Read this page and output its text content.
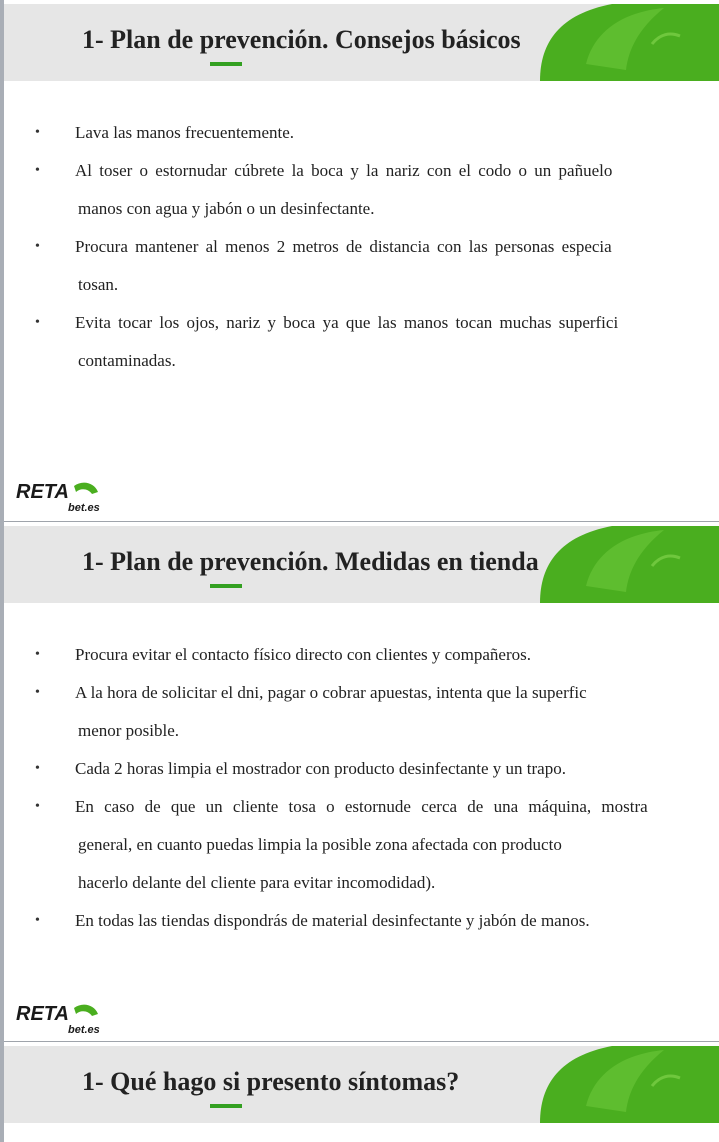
1- Plan de prevención. Consejos básicos
• Lava las manos frecuentemente.

• Al toser o estornudar cúbrete la boca y la nariz con el codo o un pañuelo

manos con agua y jabón o un desinfectante.

• Procura mantener al menos 2 metros de distancia con las personas especia

tosan.

• Evita tocar los ojos, nariz y boca ya que las manos tocan muchas superfici

contaminadas.

RETA
bet.es
1- Plan de prevención. Medidas en tienda
• Procura evitar el contacto físico directo con clientes y compañeros.

• A la hora de solicitar el dni, pagar o cobrar apuestas, intenta que la superfic

menor posible.

• Cada 2 horas limpia el mostrador con producto desinfectante y un trapo.

• En caso de que un cliente tosa o estornude cerca de una máquina, mostra

general, en cuanto puedas limpia la posible zona afectada con producto

hacerlo delante del cliente para evitar incomodidad).

• En todas las tiendas dispondrás de material desinfectante y jabón de manos.

RETA
bet.es
1- Qué hago si presento síntomas?
